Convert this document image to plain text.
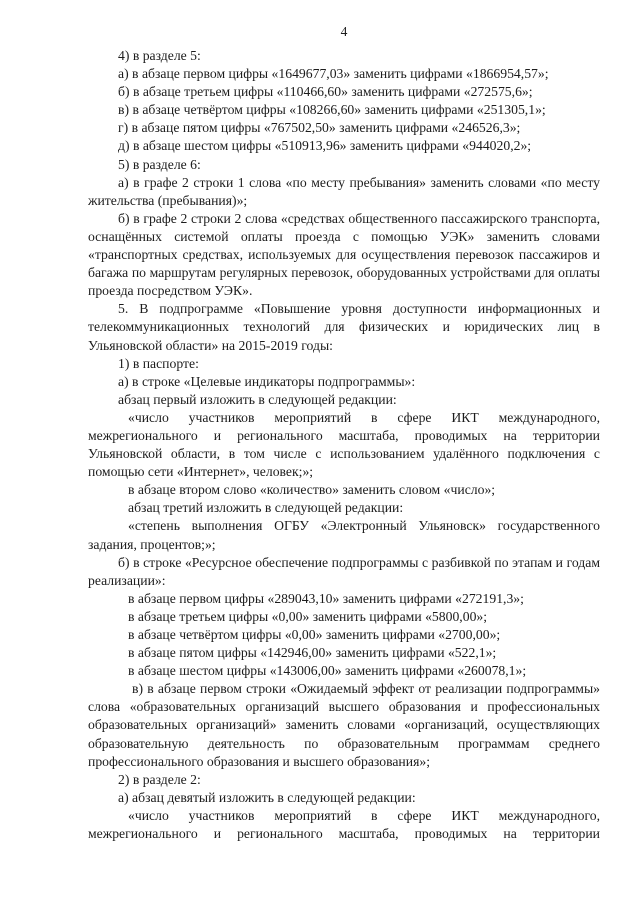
4

4) в разделе 5:

а) в абзаце первом цифры «1649677,03» заменить цифрами «1866954,57»;

б) в абзаце третьем цифры «110466,60» заменить цифрами «272575,6»;

в) в абзаце четвёртом цифры «108266,60» заменить цифрами «251305,1»;

г) в абзаце пятом цифры «767502,50» заменить цифрами «246526,3»;

д) в абзаце шестом цифры «510913,96» заменить цифрами «944020,2»;

5) в разделе 6:

а) в графе 2 строки 1 слова «по месту пребывания» заменить словами «по месту жительства (пребывания)»;

б) в графе 2 строки 2 слова «средствах общественного пассажирского транспорта, оснащённых системой оплаты проезда с помощью УЭК» заменить словами «транспортных средствах, используемых для осуществления перевозок пассажиров и багажа по маршрутам регулярных перевозок, оборудованных устройствами для оплаты проезда посредством УЭК».

5. В подпрограмме «Повышение уровня доступности информационных и телекоммуникационных технологий для физических и юридических лиц в Ульяновской области» на 2015-2019 годы:

1) в паспорте:

а) в строке «Целевые индикаторы подпрограммы»:

абзац первый изложить в следующей редакции:

«число участников мероприятий в сфере ИКТ международного, межрегионального и регионального масштаба, проводимых на территории Ульяновской области, в том числе с использованием удалённого подключения с помощью сети «Интернет», человек;»;

в абзаце втором слово «количество» заменить словом «число»;

абзац третий изложить в следующей редакции:

«степень выполнения ОГБУ «Электронный Ульяновск» государственного задания, процентов;»;

б) в строке «Ресурсное обеспечение подпрограммы с разбивкой по этапам и годам реализации»:

в абзаце первом цифры «289043,10» заменить цифрами «272191,3»;

в абзаце третьем цифры «0,00» заменить цифрами «5800,00»;

в абзаце четвёртом цифры «0,00» заменить цифрами «2700,00»;

в абзаце пятом цифры «142946,00» заменить цифрами «522,1»;

в абзаце шестом цифры «143006,00» заменить цифрами «260078,1»;

в) в абзаце первом строки «Ожидаемый эффект от реализации подпрограммы» слова «образовательных организаций высшего образования и профессиональных образовательных организаций» заменить словами «организаций, осуществляющих образовательную деятельность по образовательным программам среднего профессионального образования и высшего образования»;

2) в разделе 2:

а) абзац девятый изложить в следующей редакции:

«число участников мероприятий в сфере ИКТ международного, межрегионального и регионального масштаба, проводимых на территории
